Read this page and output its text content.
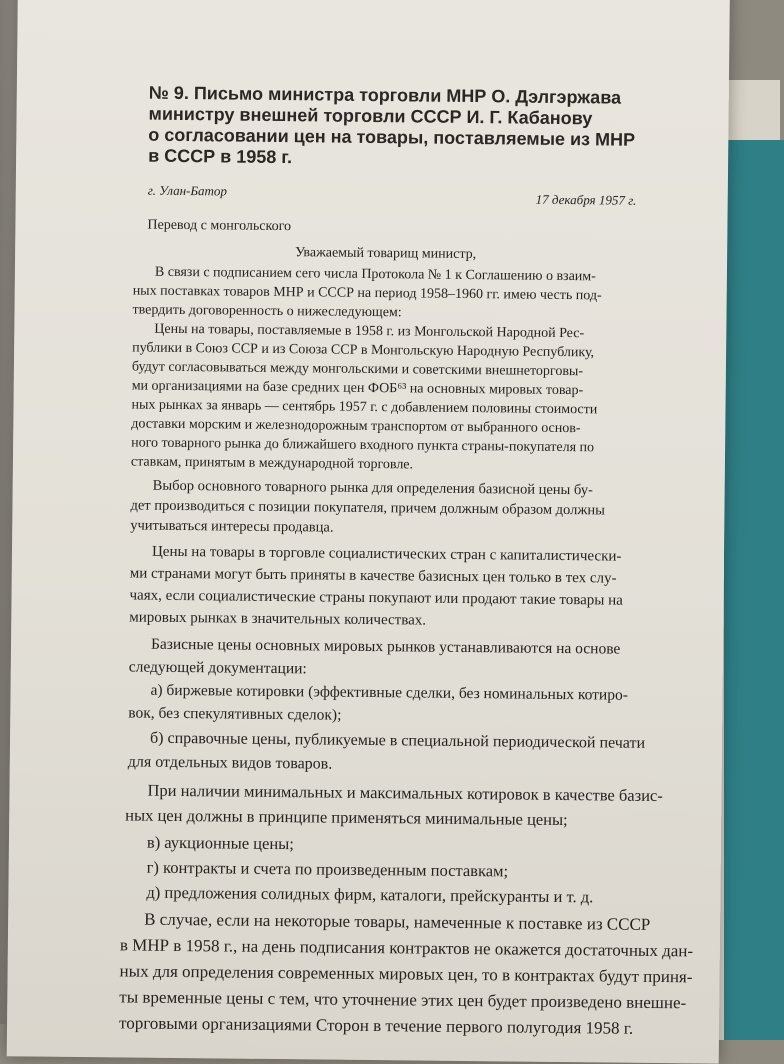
№ 9. Письмо министра торговли МНР О. Дэлгэржава
министру внешней торговли СССР И. Г. Кабанову
о согласовании цен на товары, поставляемые из МНР
в СССР в 1958 г.
г. Улан-Батор
17 декабря 1957 г.
Перевод с монгольского
Уважаемый товарищ министр,
В связи с подписанием сего числа Протокола № 1 к Соглашению о взаим-
ных поставках товаров МНР и СССР на период 1958–1960 гг. имею честь под-
твердить договоренность о нижеследующем:
Цены на товары, поставляемые в 1958 г. из Монгольской Народной Рес-
публики в Союз ССР и из Союза ССР в Монгольскую Народную Республику,
будут согласовываться между монгольскими и советскими внешнеторговы-
ми организациями на базе средних цен ФОБ⁶³ на основных мировых товар-
ных рынках за январь — сентябрь 1957 г. с добавлением половины стоимости
доставки морским и железнодорожным транспортом от выбранного основ-
ного товарного рынка до ближайшего входного пункта страны-покупателя по
ставкам, принятым в международной торговле.
Выбор основного товарного рынка для определения базисной цены бу-
дет производиться с позиции покупателя, причем должным образом должны
учитываться интересы продавца.
Цены на товары в торговле социалистических стран с капиталистически-
ми странами могут быть приняты в качестве базисных цен только в тех слу-
чаях, если социалистические страны покупают или продают такие товары на
мировых рынках в значительных количествах.
Базисные цены основных мировых рынков устанавливаются на основе
следующей документации:
а) биржевые котировки (эффективные сделки, без номинальных котиро-
вок, без спекулятивных сделок);
б) справочные цены, публикуемые в специальной периодической печати
для отдельных видов товаров.
При наличии минимальных и максимальных котировок в качестве базис-
ных цен должны в принципе применяться минимальные цены;
в) аукционные цены;
г) контракты и счета по произведенным поставкам;
д) предложения солидных фирм, каталоги, прейскуранты и т. д.
В случае, если на некоторые товары, намеченные к поставке из СССР
в МНР в 1958 г., на день подписания контрактов не окажется достаточных дан-
ных для определения современных мировых цен, то в контрактах будут приня-
ты временные цены с тем, что уточнение этих цен будет произведено внешне-
торговыми организациями Сторон в течение первого полугодия 1958 г.
